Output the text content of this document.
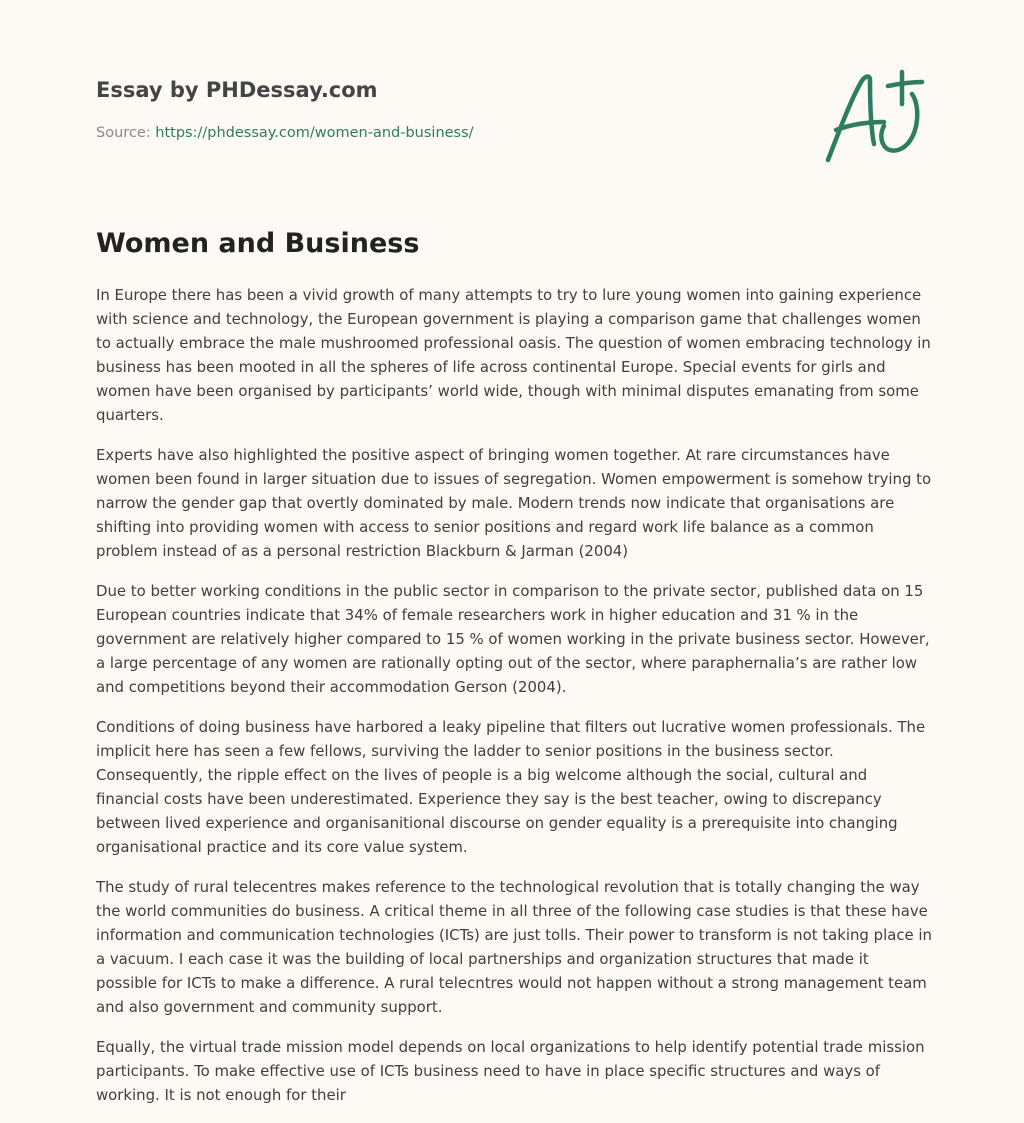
Essay by PHDessay.com
Source: https://phdessay.com/women-and-business/
Women and Business

In Europe there has been a vivid growth of many attempts to try to lure young women into gaining experience with science and technology, the European government is playing a comparison game that challenges women to actually embrace the male mushroomed professional oasis. The question of women embracing technology in business has been mooted in all the spheres of life across continental Europe. Special events for girls and women have been organised by participants’ world wide, though with minimal disputes emanating from some quarters.

Experts have also highlighted the positive aspect of bringing women together. At rare circumstances have women been found in larger situation due to issues of segregation. Women empowerment is somehow trying to narrow the gender gap that overtly dominated by male. Modern trends now indicate that organisations are shifting into providing women with access to senior positions and regard work life balance as a common problem instead of as a personal restriction Blackburn & Jarman (2004)

Due to better working conditions in the public sector in comparison to the private sector, published data on 15 European countries indicate that 34% of female researchers work in higher education and 31 % in the government are relatively higher compared to 15 % of women working in the private business sector. However, a large percentage of any women are rationally opting out of the sector, where paraphernalia’s are rather low and competitions beyond their accommodation Gerson (2004).

Conditions of doing business have harbored a leaky pipeline that filters out lucrative women professionals. The implicit here has seen a few fellows, surviving the ladder to senior positions in the business sector. Consequently, the ripple effect on the lives of people is a big welcome although the social, cultural and financial costs have been underestimated. Experience they say is the best teacher, owing to discrepancy between lived experience and organisanitional discourse on gender equality is a prerequisite into changing organisational practice and its core value system.

The study of rural telecentres makes reference to the technological revolution that is totally changing the way the world communities do business. A critical theme in all three of the following case studies is that these have information and communication technologies (ICTs) are just tolls. Their power to transform is not taking place in a vacuum. I each case it was the building of local partnerships and organization structures that made it possible for ICTs to make a difference. A rural telecntres would not happen without a strong management team and also government and community support.

Equally, the virtual trade mission model depends on local organizations to help identify potential trade mission participants. To make effective use of ICTs business need to have in place specific structures and ways of working. It is not enough for their
